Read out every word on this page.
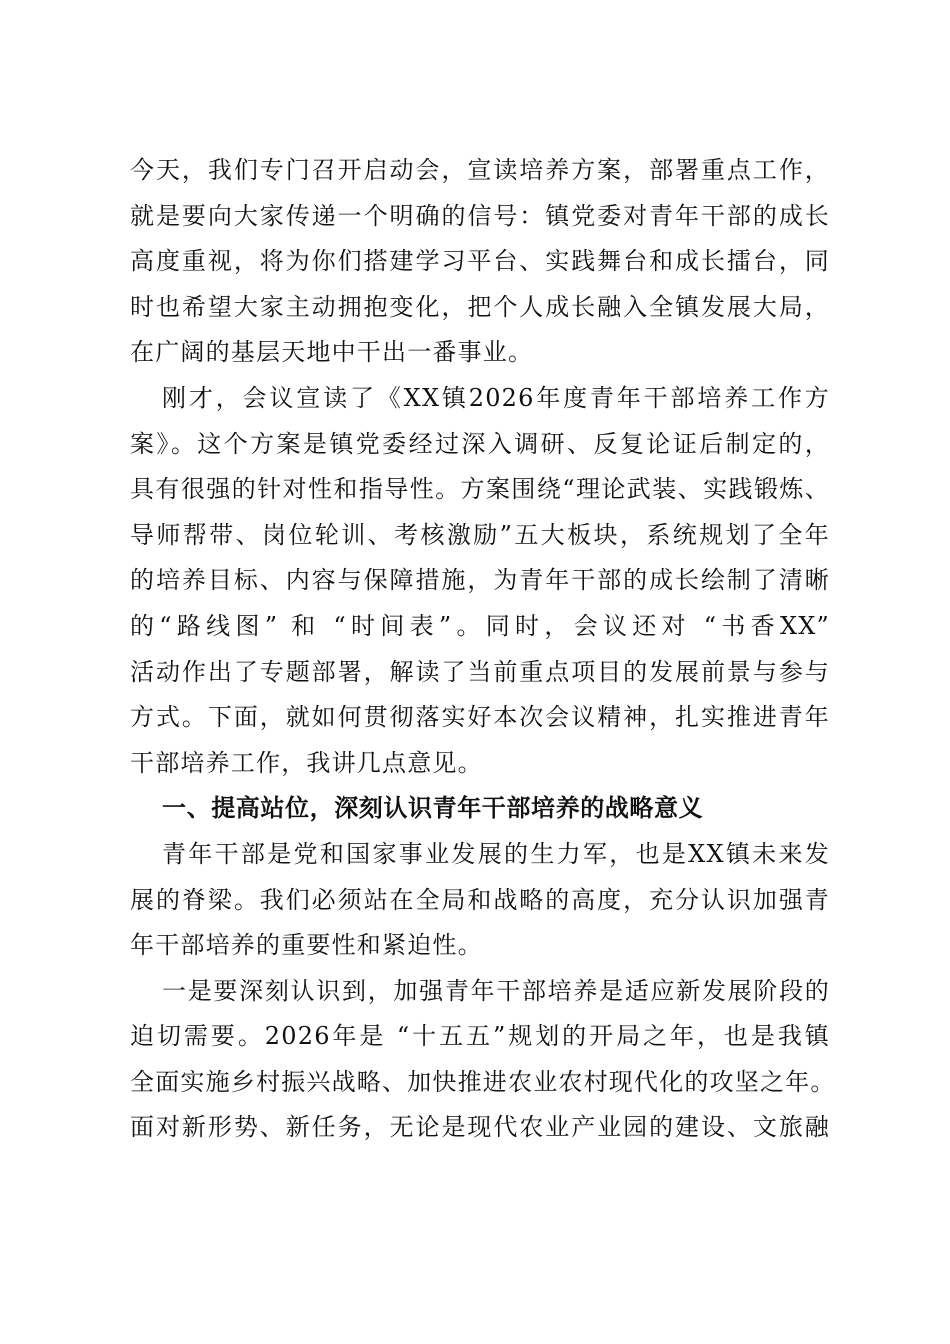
今天，我们专门召开启动会，宣读培养方案，部署重点工作，
就是要向大家传递一个明确的信号：镇党委对青年干部的成长
高度重视，将为你们搭建学习平台、实践舞台和成长擂台，同
时也希望大家主动拥抱变化，把个人成长融入全镇发展大局，
在广阔的基层天地中干出一番事业。
刚才，会议宣读了《XX镇2026年度青年干部培养工作方
案》。这个方案是镇党委经过深入调研、反复论证后制定的，
具有很强的针对性和指导性。方案围绕“理论武装、实践锻炼、
导师帮带、岗位轮训、考核激励”五大板块，系统规划了全年
的培养目标、内容与保障措施，为青年干部的成长绘制了清晰
的“路线图” 和 “时间表”。同时，会议还对 “书香XX”
活动作出了专题部署，解读了当前重点项目的发展前景与参与
方式。下面，就如何贯彻落实好本次会议精神，扎实推进青年
干部培养工作，我讲几点意见。
一、提高站位，深刻认识青年干部培养的战略意义
青年干部是党和国家事业发展的生力军，也是XX镇未来发
展的脊梁。我们必须站在全局和战略的高度，充分认识加强青
年干部培养的重要性和紧迫性。
一是要深刻认识到，加强青年干部培养是适应新发展阶段的
迫切需要。2026年是 “十五五”规划的开局之年，也是我镇
全面实施乡村振兴战略、加快推进农业农村现代化的攻坚之年。
面对新形势、新任务，无论是现代农业产业园的建设、文旅融
